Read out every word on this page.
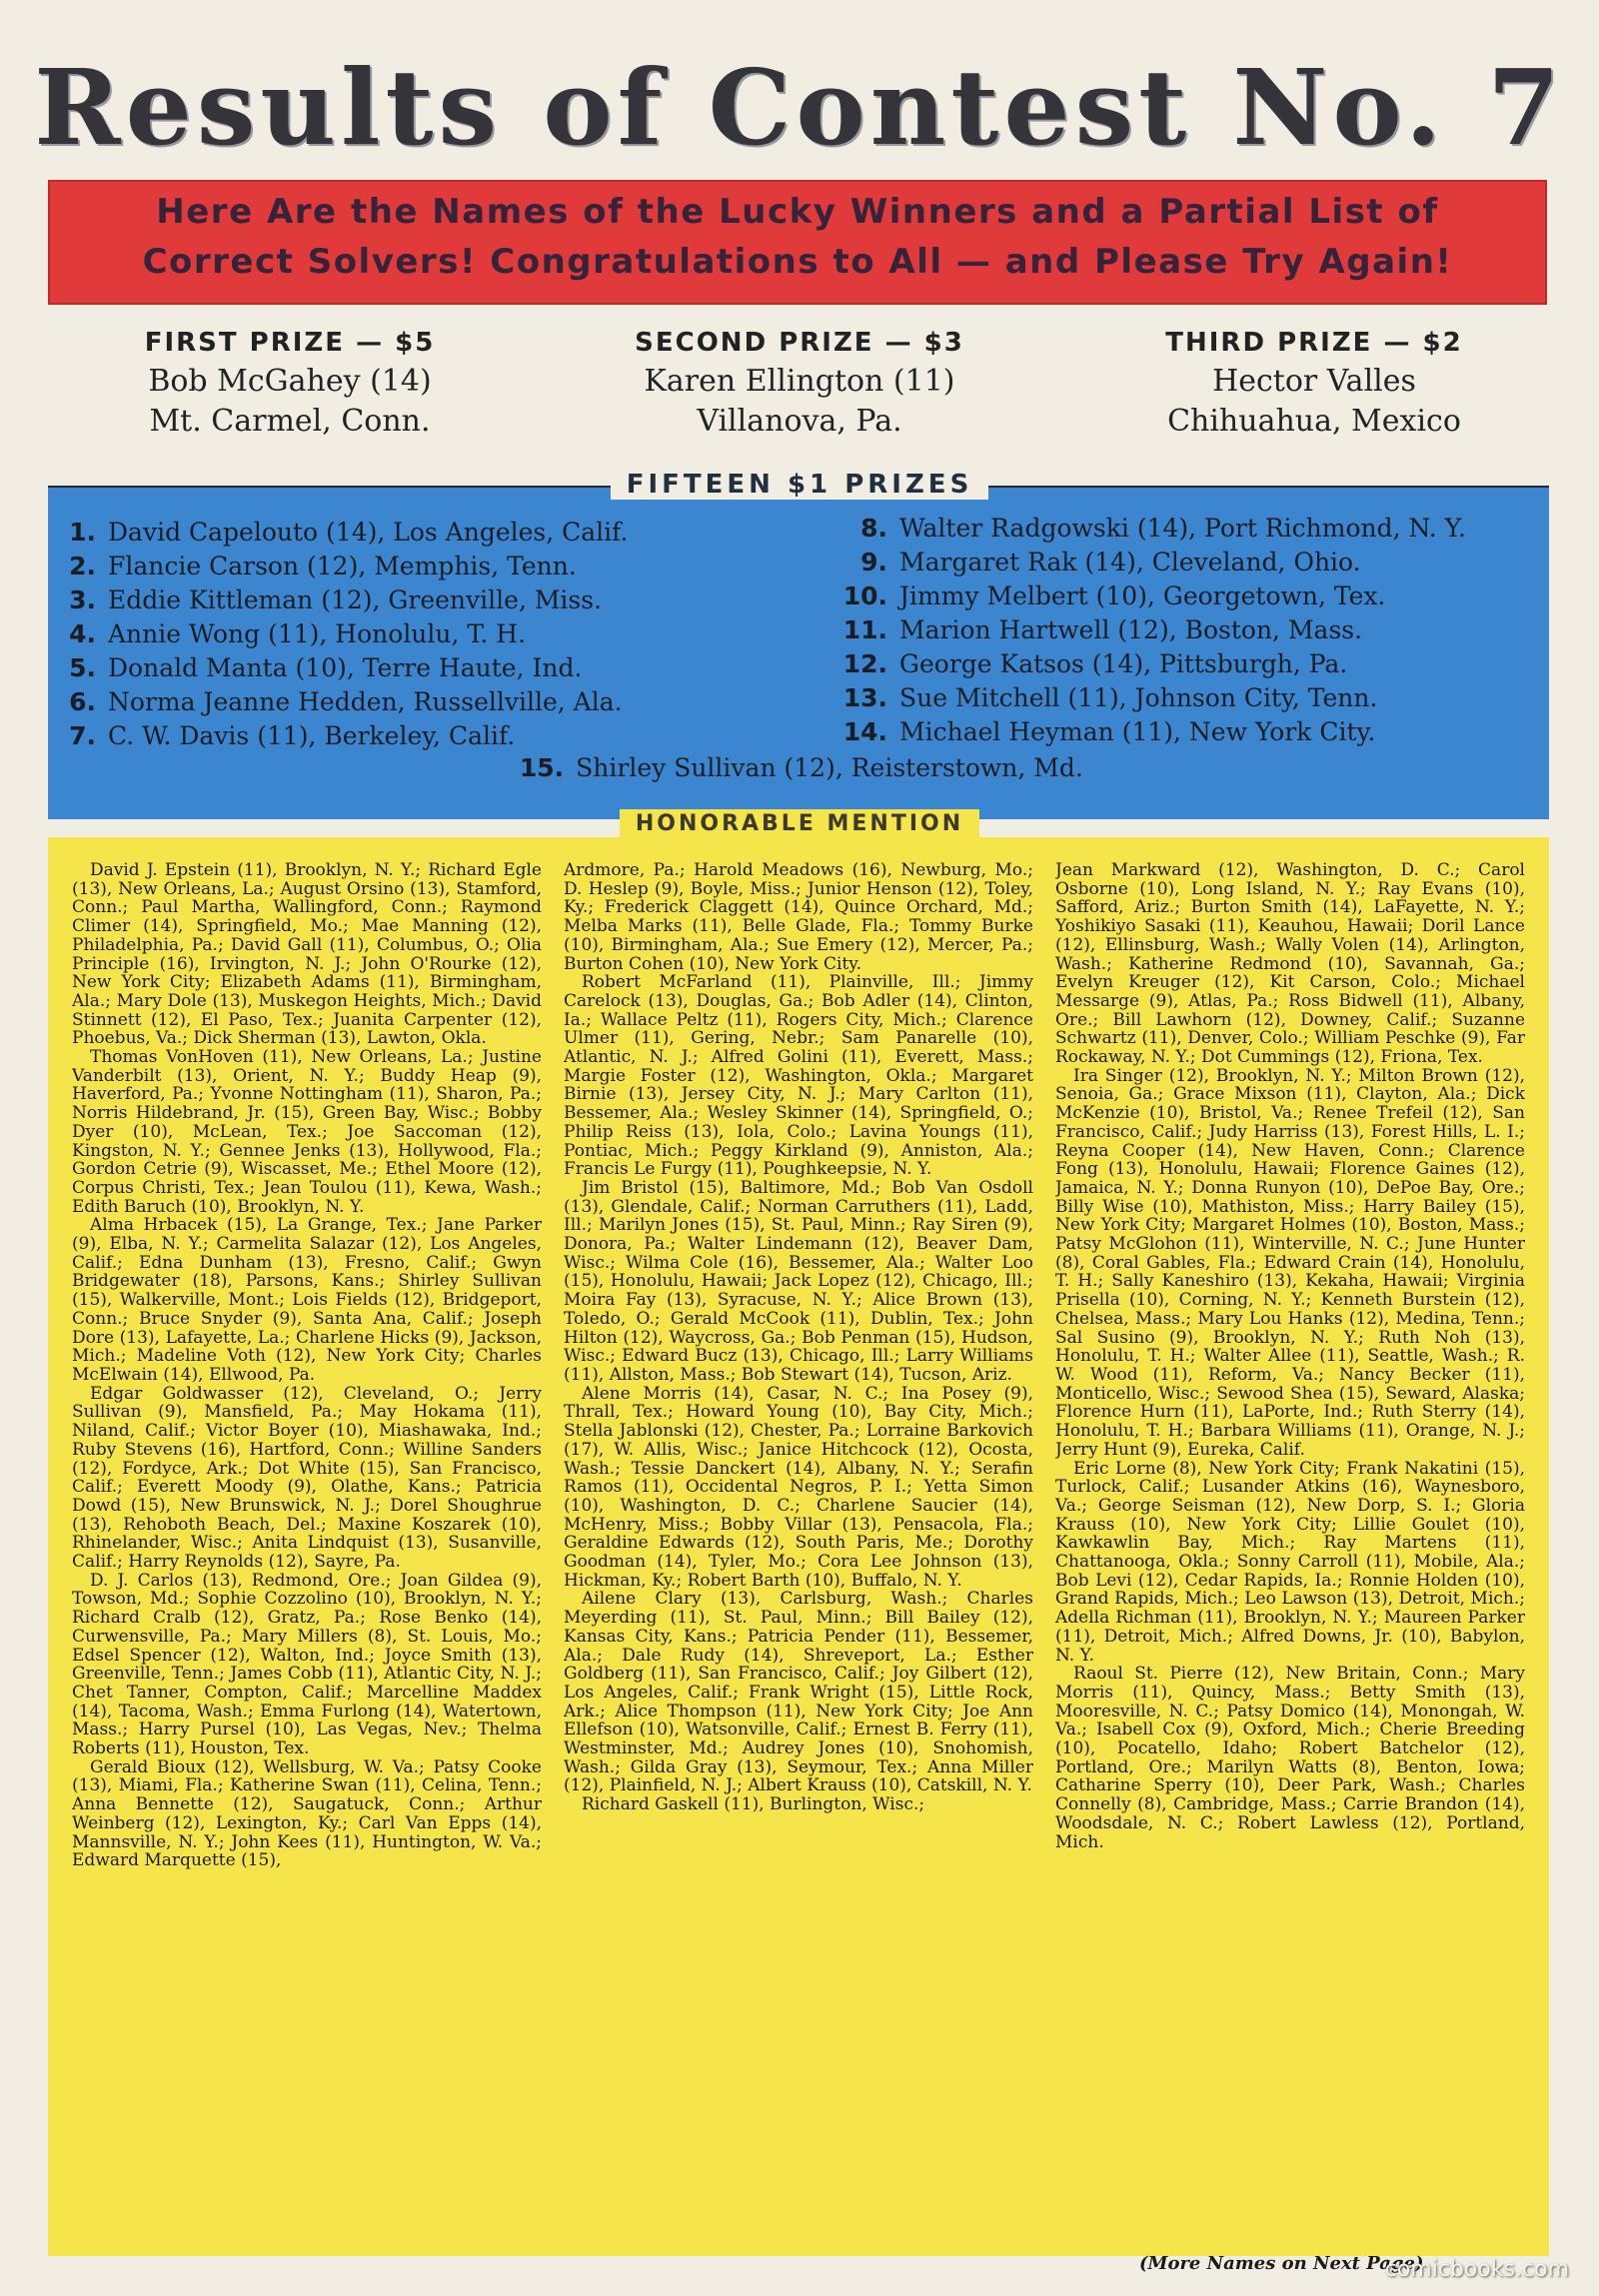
Results of Contest No. 7
Here Are the Names of the Lucky Winners and a Partial List of
Correct Solvers! Congratulations to All — and Please Try Again!
FIRST PRIZE — $5
Bob McGahey (14)
Mt. Carmel, Conn.
SECOND PRIZE — $3
Karen Ellington (11)
Villanova, Pa.
THIRD PRIZE — $2
Hector Valles
Chihuahua, Mexico
FIFTEEN $1 PRIZES
1. David Capelouto (14), Los Angeles, Calif.
2. Flancie Carson (12), Memphis, Tenn.
3. Eddie Kittleman (12), Greenville, Miss.
4. Annie Wong (11), Honolulu, T. H.
5. Donald Manta (10), Terre Haute, Ind.
6. Norma Jeanne Hedden, Russellville, Ala.
7. C. W. Davis (11), Berkeley, Calif.
8. Walter Radgowski (14), Port Richmond, N. Y.
9. Margaret Rak (14), Cleveland, Ohio.
10. Jimmy Melbert (10), Georgetown, Tex.
11. Marion Hartwell (12), Boston, Mass.
12. George Katsos (14), Pittsburgh, Pa.
13. Sue Mitchell (11), Johnson City, Tenn.
14. Michael Heyman (11), New York City.
15. Shirley Sullivan (12), Reisterstown, Md.
HONORABLE MENTION

David J. Epstein (11), Brooklyn, N. Y.; Richard Egle (13), New Orleans, La.; August Orsino (13), Stamford, Conn.; Paul Martha, Wallingford, Conn.; Raymond Climer (14), Springfield, Mo.; Mae Manning (12), Philadelphia, Pa.; David Gall (11), Columbus, O.; Olia Principle (16), Irvington, N. J.; John O'Rourke (12), New York City; Elizabeth Adams (11), Birmingham, Ala.; Mary Dole (13), Muskegon Heights, Mich.; David Stinnett (12), El Paso, Tex.; Juanita Carpenter (12), Phoebus, Va.; Dick Sherman (13), Lawton, Okla.

Thomas VonHoven (11), New Orleans, La.; Justine Vanderbilt (13), Orient, N. Y.; Buddy Heap (9), Haverford, Pa.; Yvonne Nottingham (11), Sharon, Pa.; Norris Hildebrand, Jr. (15), Green Bay, Wisc.; Bobby Dyer (10), McLean, Tex.; Joe Saccoman (12), Kingston, N. Y.; Gennee Jenks (13), Hollywood, Fla.; Gordon Cetrie (9), Wiscasset, Me.; Ethel Moore (12), Corpus Christi, Tex.; Jean Toulou (11), Kewa, Wash.; Edith Baruch (10), Brooklyn, N. Y.

Alma Hrbacek (15), La Grange, Tex.; Jane Parker (9), Elba, N. Y.; Carmelita Salazar (12), Los Angeles, Calif.; Edna Dunham (13), Fresno, Calif.; Gwyn Bridgewater (18), Parsons, Kans.; Shirley Sullivan (15), Walkerville, Mont.; Lois Fields (12), Bridgeport, Conn.; Bruce Snyder (9), Santa Ana, Calif.; Joseph Dore (13), Lafayette, La.; Charlene Hicks (9), Jackson, Mich.; Madeline Voth (12), New York City; Charles McElwain (14), Ellwood, Pa.

Edgar Goldwasser (12), Cleveland, O.; Jerry Sullivan (9), Mansfield, Pa.; May Hokama (11), Niland, Calif.; Victor Boyer (10), Miashawaka, Ind.; Ruby Stevens (16), Hartford, Conn.; Willine Sanders (12), Fordyce, Ark.; Dot White (15), San Francisco, Calif.; Everett Moody (9), Olathe, Kans.; Patricia Dowd (15), New Brunswick, N. J.; Dorel Shoughrue (13), Rehoboth Beach, Del.; Maxine Koszarek (10), Rhinelander, Wisc.; Anita Lindquist (13), Susanville, Calif.; Harry Reynolds (12), Sayre, Pa.

D. J. Carlos (13), Redmond, Ore.; Joan Gildea (9), Towson, Md.; Sophie Cozzolino (10), Brooklyn, N. Y.; Richard Cralb (12), Gratz, Pa.; Rose Benko (14), Curwensville, Pa.; Mary Millers (8), St. Louis, Mo.; Edsel Spencer (12), Walton, Ind.; Joyce Smith (13), Greenville, Tenn.; James Cobb (11), Atlantic City, N. J.; Chet Tanner, Compton, Calif.; Marcelline Maddex (14), Tacoma, Wash.; Emma Furlong (14), Watertown, Mass.; Harry Pursel (10), Las Vegas, Nev.; Thelma Roberts (11), Houston, Tex.

Gerald Bioux (12), Wellsburg, W. Va.; Patsy Cooke (13), Miami, Fla.; Katherine Swan (11), Celina, Tenn.; Anna Bennette (12), Saugatuck, Conn.; Arthur Weinberg (12), Lexington, Ky.; Carl Van Epps (14), Mannsville, N. Y.; John Kees (11), Huntington, W. Va.; Edward Marquette (15),

Ardmore, Pa.; Harold Meadows (16), Newburg, Mo.; D. Heslep (9), Boyle, Miss.; Junior Henson (12), Toley, Ky.; Frederick Claggett (14), Quince Orchard, Md.; Melba Marks (11), Belle Glade, Fla.; Tommy Burke (10), Birmingham, Ala.; Sue Emery (12), Mercer, Pa.; Burton Cohen (10), New York City.

Robert McFarland (11), Plainville, Ill.; Jimmy Carelock (13), Douglas, Ga.; Bob Adler (14), Clinton, Ia.; Wallace Peltz (11), Rogers City, Mich.; Clarence Ulmer (11), Gering, Nebr.; Sam Panarelle (10), Atlantic, N. J.; Alfred Golini (11), Everett, Mass.; Margie Foster (12), Washington, Okla.; Margaret Birnie (13), Jersey City, N. J.; Mary Carlton (11), Bessemer, Ala.; Wesley Skinner (14), Springfield, O.; Philip Reiss (13), Iola, Colo.; Lavina Youngs (11), Pontiac, Mich.; Peggy Kirkland (9), Anniston, Ala.; Francis Le Furgy (11), Poughkeepsie, N. Y.

Jim Bristol (15), Baltimore, Md.; Bob Van Osdoll (13), Glendale, Calif.; Norman Carruthers (11), Ladd, Ill.; Marilyn Jones (15), St. Paul, Minn.; Ray Siren (9), Donora, Pa.; Walter Lindemann (12), Beaver Dam, Wisc.; Wilma Cole (16), Bessemer, Ala.; Walter Loo (15), Honolulu, Hawaii; Jack Lopez (12), Chicago, Ill.; Moira Fay (13), Syracuse, N. Y.; Alice Brown (13), Toledo, O.; Gerald McCook (11), Dublin, Tex.; John Hilton (12), Waycross, Ga.; Bob Penman (15), Hudson, Wisc.; Edward Bucz (13), Chicago, Ill.; Larry Williams (11), Allston, Mass.; Bob Stewart (14), Tucson, Ariz.

Alene Morris (14), Casar, N. C.; Ina Posey (9), Thrall, Tex.; Howard Young (10), Bay City, Mich.; Stella Jablonski (12), Chester, Pa.; Lorraine Barkovich (17), W. Allis, Wisc.; Janice Hitchcock (12), Ocosta, Wash.; Tessie Danckert (14), Albany, N. Y.; Serafin Ramos (11), Occidental Negros, P. I.; Yetta Simon (10), Washington, D. C.; Charlene Saucier (14), McHenry, Miss.; Bobby Villar (13), Pensacola, Fla.; Geraldine Edwards (12), South Paris, Me.; Dorothy Goodman (14), Tyler, Mo.; Cora Lee Johnson (13), Hickman, Ky.; Robert Barth (10), Buffalo, N. Y.

Ailene Clary (13), Carlsburg, Wash.; Charles Meyerding (11), St. Paul, Minn.; Bill Bailey (12), Kansas City, Kans.; Patricia Pender (11), Bessemer, Ala.; Dale Rudy (14), Shreveport, La.; Esther Goldberg (11), San Francisco, Calif.; Joy Gilbert (12), Los Angeles, Calif.; Frank Wright (15), Little Rock, Ark.; Alice Thompson (11), New York City; Joe Ann Ellefson (10), Watsonville, Calif.; Ernest B. Ferry (11), Westminster, Md.; Audrey Jones (10), Snohomish, Wash.; Gilda Gray (13), Seymour, Tex.; Anna Miller (12), Plainfield, N. J.; Albert Krauss (10), Catskill, N. Y.

Richard Gaskell (11), Burlington, Wisc.;

Jean Markward (12), Washington, D. C.; Carol Osborne (10), Long Island, N. Y.; Ray Evans (10), Safford, Ariz.; Burton Smith (14), LaFayette, N. Y.; Yoshikiyo Sasaki (11), Keauhou, Hawaii; Doril Lance (12), Ellinsburg, Wash.; Wally Volen (14), Arlington, Wash.; Katherine Redmond (10), Savannah, Ga.; Evelyn Kreuger (12), Kit Carson, Colo.; Michael Messarge (9), Atlas, Pa.; Ross Bidwell (11), Albany, Ore.; Bill Lawhorn (12), Downey, Calif.; Suzanne Schwartz (11), Denver, Colo.; William Peschke (9), Far Rockaway, N. Y.; Dot Cummings (12), Friona, Tex.

Ira Singer (12), Brooklyn, N. Y.; Milton Brown (12), Senoia, Ga.; Grace Mixson (11), Clayton, Ala.; Dick McKenzie (10), Bristol, Va.; Renee Trefeil (12), San Francisco, Calif.; Judy Harriss (13), Forest Hills, L. I.; Reyna Cooper (14), New Haven, Conn.; Clarence Fong (13), Honolulu, Hawaii; Florence Gaines (12), Jamaica, N. Y.; Donna Runyon (10), DePoe Bay, Ore.; Billy Wise (10), Mathiston, Miss.; Harry Bailey (15), New York City; Margaret Holmes (10), Boston, Mass.; Patsy McGlohon (11), Winterville, N. C.; June Hunter (8), Coral Gables, Fla.; Edward Crain (14), Honolulu, T. H.; Sally Kaneshiro (13), Kekaha, Hawaii; Virginia Prisella (10), Corning, N. Y.; Kenneth Burstein (12), Chelsea, Mass.; Mary Lou Hanks (12), Medina, Tenn.; Sal Susino (9), Brooklyn, N. Y.; Ruth Noh (13), Honolulu, T. H.; Walter Allee (11), Seattle, Wash.; R. W. Wood (11), Reform, Va.; Nancy Becker (11), Monticello, Wisc.; Sewood Shea (15), Seward, Alaska; Florence Hurn (11), LaPorte, Ind.; Ruth Sterry (14), Honolulu, T. H.; Barbara Williams (11), Orange, N. J.; Jerry Hunt (9), Eureka, Calif.

Eric Lorne (8), New York City; Frank Nakatini (15), Turlock, Calif.; Lusander Atkins (16), Waynesboro, Va.; George Seisman (12), New Dorp, S. I.; Gloria Krauss (10), New York City; Lillie Goulet (10), Kawkawlin Bay, Mich.; Ray Martens (11), Chattanooga, Okla.; Sonny Carroll (11), Mobile, Ala.; Bob Levi (12), Cedar Rapids, Ia.; Ronnie Holden (10), Grand Rapids, Mich.; Leo Lawson (13), Detroit, Mich.; Adella Richman (11), Brooklyn, N. Y.; Maureen Parker (11), Detroit, Mich.; Alfred Downs, Jr. (10), Babylon, N. Y.

Raoul St. Pierre (12), New Britain, Conn.; Mary Morris (11), Quincy, Mass.; Betty Smith (13), Mooresville, N. C.; Patsy Domico (14), Monongah, W. Va.; Isabell Cox (9), Oxford, Mich.; Cherie Breeding (10), Pocatello, Idaho; Robert Batchelor (12), Portland, Ore.; Marilyn Watts (8), Benton, Iowa; Catharine Sperry (10), Deer Park, Wash.; Charles Connelly (8), Cambridge, Mass.; Carrie Brandon (14), Woodsdale, N. C.; Robert Lawless (12), Portland, Mich.

(More Names on Next Page)
comicbooks.com
